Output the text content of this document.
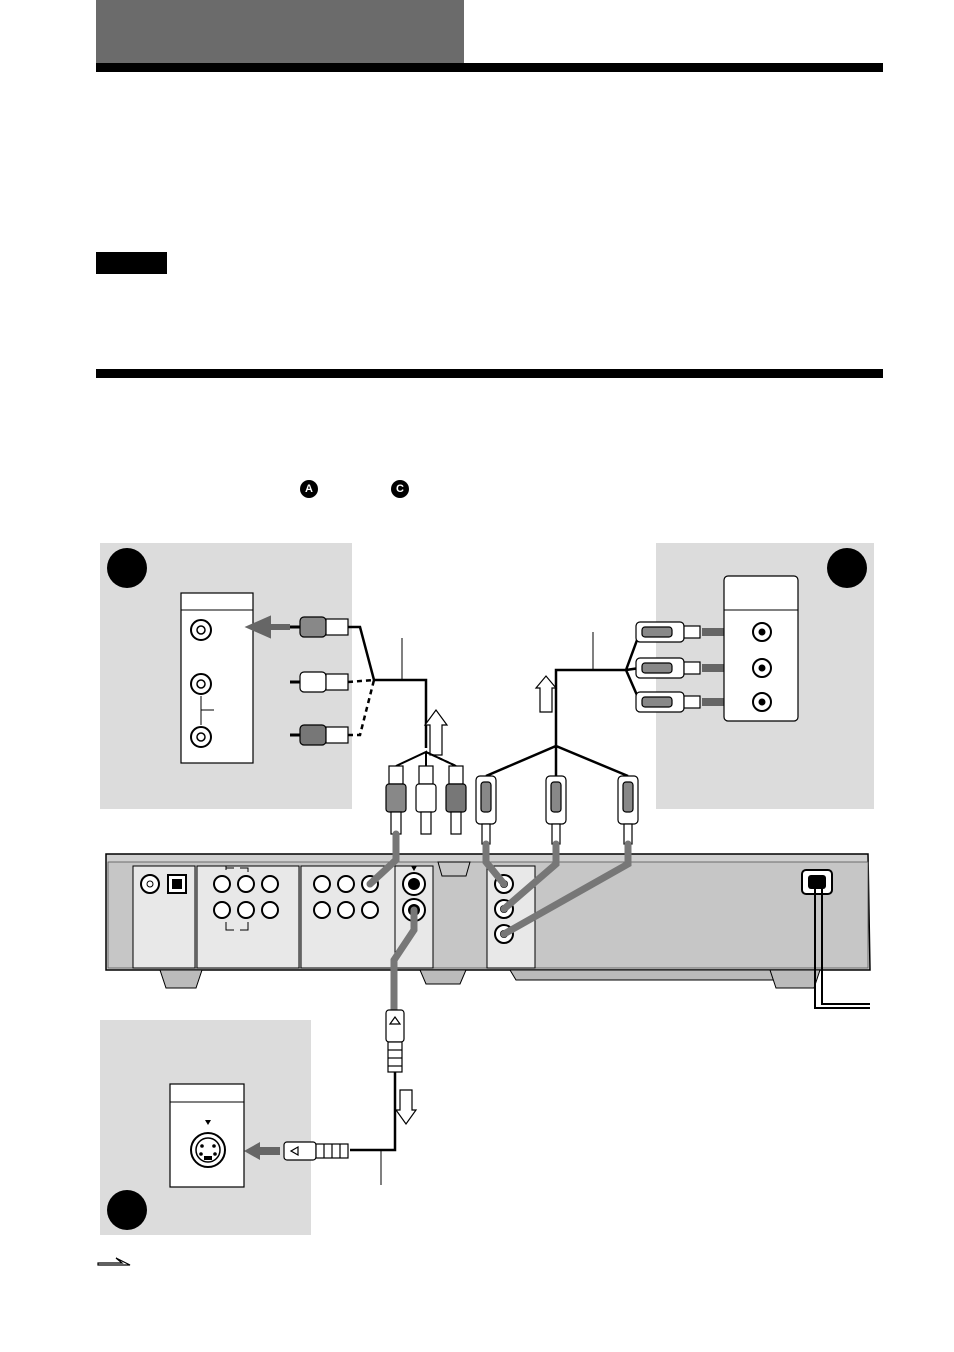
A	C
